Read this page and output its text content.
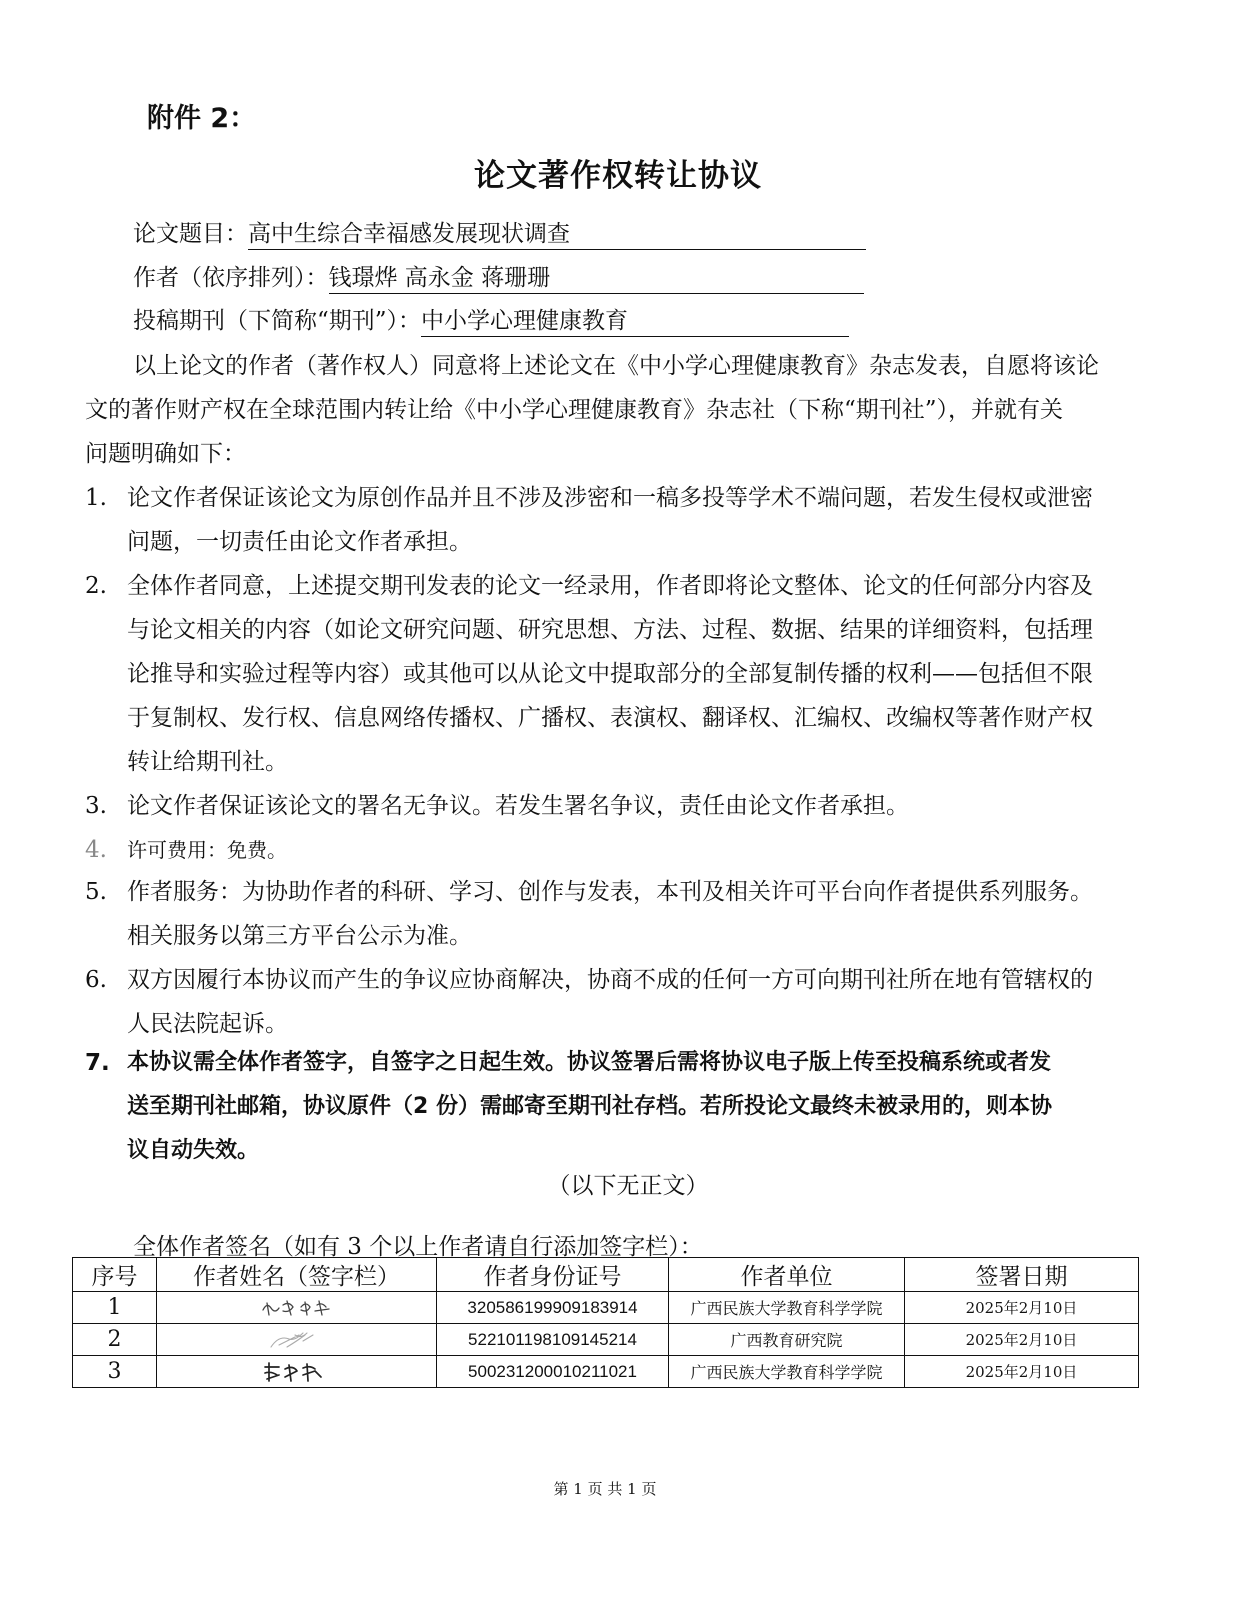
附件 2：
论文著作权转让协议
论文题目：高中生综合幸福感发展现状调查
作者（依序排列）：钱璟烨 高永金 蒋珊珊
投稿期刊（下简称“期刊”）：中小学心理健康教育
以上论文的作者（著作权人）同意将上述论文在《中小学心理健康教育》杂志发表，自愿将该论
文的著作财产权在全球范围内转让给《中小学心理健康教育》杂志社（下称“期刊社”），并就有关
问题明确如下：
1. 论文作者保证该论文为原创作品并且不涉及涉密和一稿多投等学术不端问题，若发生侵权或泄密
问题，一切责任由论文作者承担。
2. 全体作者同意，上述提交期刊发表的论文一经录用，作者即将论文整体、论文的任何部分内容及
与论文相关的内容（如论文研究问题、研究思想、方法、过程、数据、结果的详细资料，包括理
论推导和实验过程等内容）或其他可以从论文中提取部分的全部复制传播的权利——包括但不限
于复制权、发行权、信息网络传播权、广播权、表演权、翻译权、汇编权、改编权等著作财产权
转让给期刊社。
3. 论文作者保证该论文的署名无争议。若发生署名争议，责任由论文作者承担。
4. 许可费用：免费。
5. 作者服务：为协助作者的科研、学习、创作与发表，本刊及相关许可平台向作者提供系列服务。
相关服务以第三方平台公示为准。
6. 双方因履行本协议而产生的争议应协商解决，协商不成的任何一方可向期刊社所在地有管辖权的
人民法院起诉。
7. 本协议需全体作者签字，自签字之日起生效。协议签署后需将协议电子版上传至投稿系统或者发
送至期刊社邮箱，协议原件（2 份）需邮寄至期刊社存档。若所投论文最终未被录用的，则本协
议自动失效。
（以下无正文）
全体作者签名（如有 3 个以上作者请自行添加签字栏）：
序号	作者姓名（签字栏）	作者身份证号	作者单位	签署日期
1		320586199909183914	广西民族大学教育科学学院	2025年2月10日
2		522101198109145214	广西教育研究院	2025年2月10日
3		500231200010211021	广西民族大学教育科学学院	2025年2月10日
第 1 页 共 1 页
